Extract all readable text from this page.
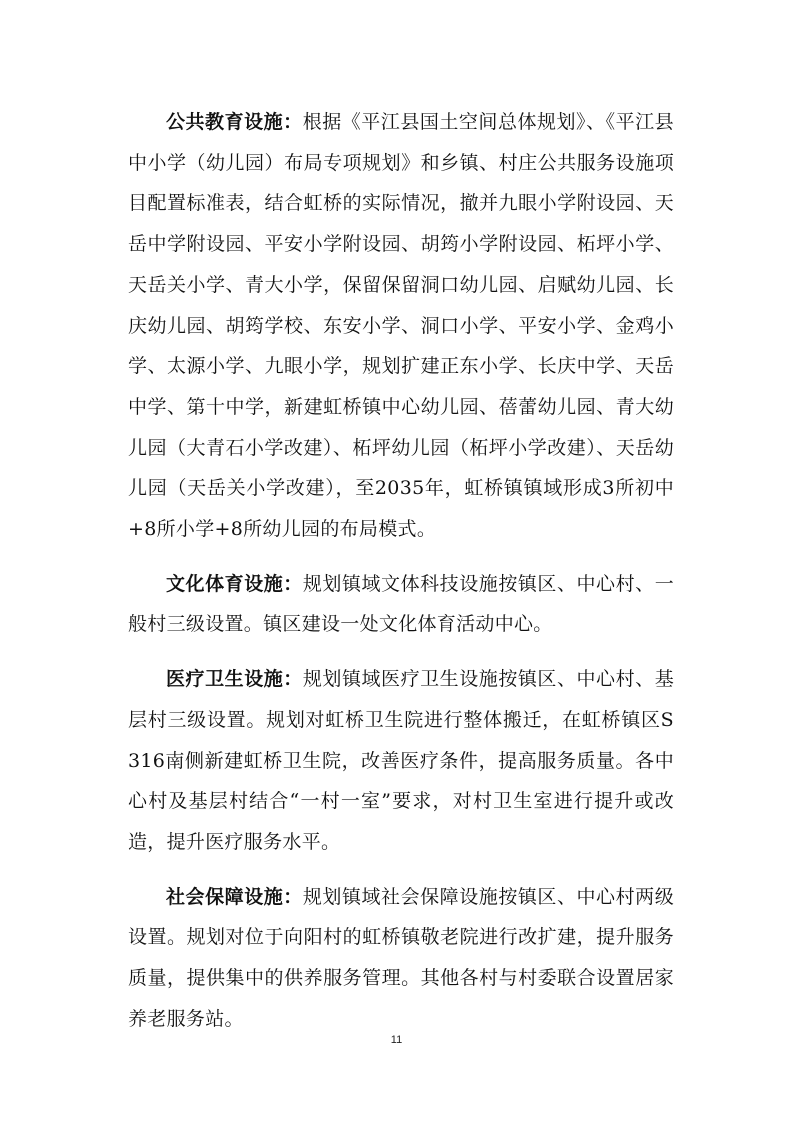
公共教育设施：根据《平江县国土空间总体规划》、《平江县中小学（幼儿园）布局专项规划》和乡镇、村庄公共服务设施项目配置标准表，结合虹桥的实际情况，撤并九眼小学附设园、天岳中学附设园、平安小学附设园、胡筠小学附设园、柘坪小学、天岳关小学、青大小学，保留保留洞口幼儿园、启赋幼儿园、长庆幼儿园、胡筠学校、东安小学、洞口小学、平安小学、金鸡小学、太源小学、九眼小学，规划扩建正东小学、长庆中学、天岳中学、第十中学，新建虹桥镇中心幼儿园、蓓蕾幼儿园、青大幼儿园（大青石小学改建）、柘坪幼儿园（柘坪小学改建）、天岳幼儿园（天岳关小学改建），至2035年，虹桥镇镇域形成3所初中+8所小学+8所幼儿园的布局模式。

文化体育设施：规划镇域文体科技设施按镇区、中心村、一般村三级设置。镇区建设一处文化体育活动中心。

医疗卫生设施：规划镇域医疗卫生设施按镇区、中心村、基层村三级设置。规划对虹桥卫生院进行整体搬迁，在虹桥镇区S316南侧新建虹桥卫生院，改善医疗条件，提高服务质量。各中心村及基层村结合“一村一室”要求，对村卫生室进行提升或改造，提升医疗服务水平。

社会保障设施：规划镇域社会保障设施按镇区、中心村两级设置。规划对位于向阳村的虹桥镇敬老院进行改扩建，提升服务质量，提供集中的供养服务管理。其他各村与村委联合设置居家养老服务站。

11
